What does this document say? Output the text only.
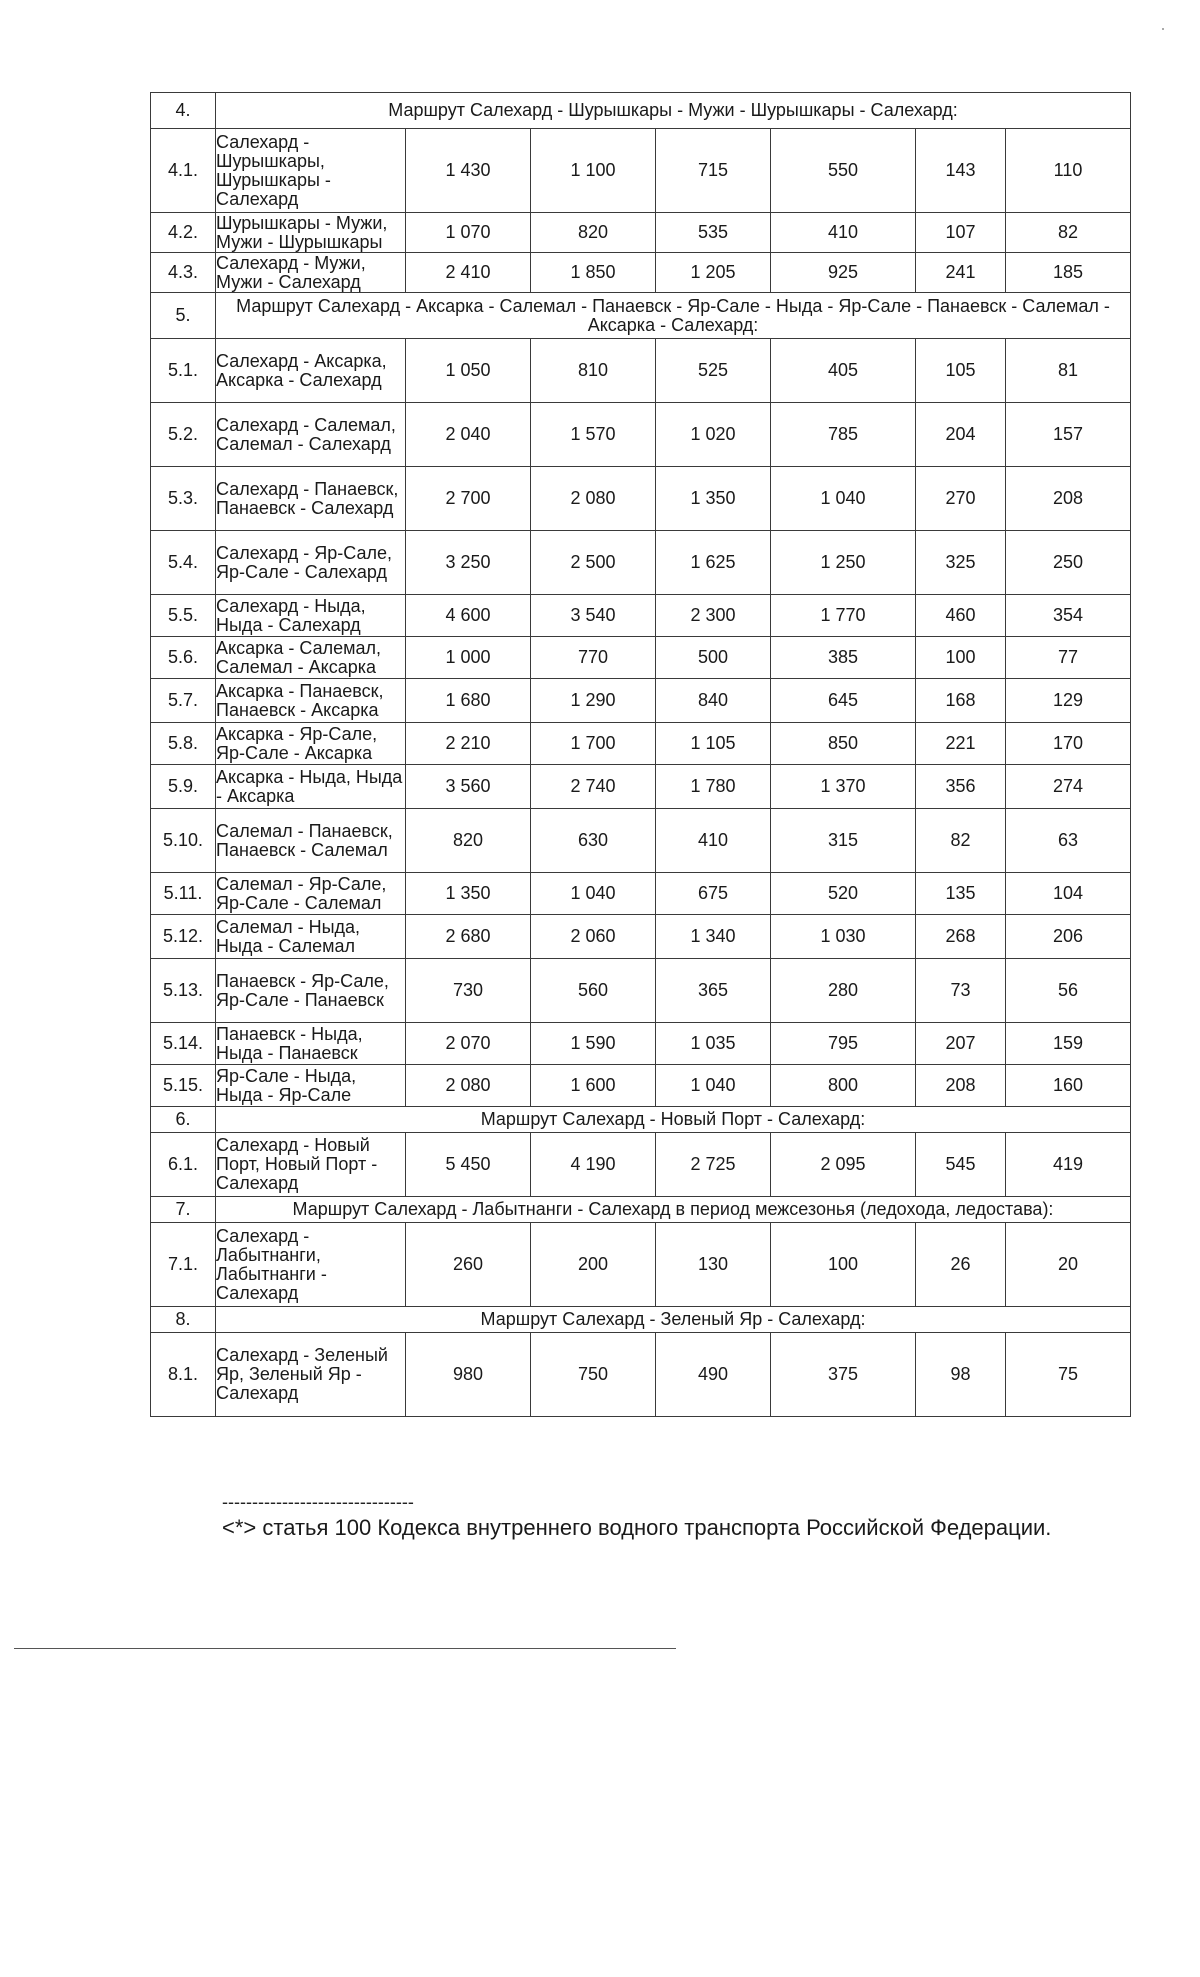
4.	Маршрут Салехард - Шурышкары - Мужи - Шурышкары - Салехард:						
4.1.	Салехард - Шурышкары, Шурышкары - Салехард	1 430	1 100	715	550	143	110
4.2.	Шурышкары - Мужи, Мужи - Шурышкары	1 070	820	535	410	107	82
4.3.	Салехард - Мужи, Мужи - Салехард	2 410	1 850	1 205	925	241	185
5.	Маршрут Салехард - Аксарка - Салемал - Панаевск - Яр-Сале - Ныда - Яр-Сале - Панаевск - Салемал - Аксарка - Салехард:						
5.1.	Салехард - Аксарка, Аксарка - Салехард	1 050	810	525	405	105	81
5.2.	Салехард - Салемал, Салемал - Салехард	2 040	1 570	1 020	785	204	157
5.3.	Салехард - Панаевск, Панаевск - Салехард	2 700	2 080	1 350	1 040	270	208
5.4.	Салехард - Яр-Сале, Яр-Сале - Салехард	3 250	2 500	1 625	1 250	325	250
5.5.	Салехард - Ныда, Ныда - Салехард	4 600	3 540	2 300	1 770	460	354
5.6.	Аксарка - Салемал, Салемал - Аксарка	1 000	770	500	385	100	77
5.7.	Аксарка - Панаевск, Панаевск - Аксарка	1 680	1 290	840	645	168	129
5.8.	Аксарка - Яр-Сале, Яр-Сале - Аксарка	2 210	1 700	1 105	850	221	170
5.9.	Аксарка - Ныда, Ныда - Аксарка	3 560	2 740	1 780	1 370	356	274
5.10.	Салемал - Панаевск, Панаевск - Салемал	820	630	410	315	82	63
5.11.	Салемал - Яр-Сале, Яр-Сале - Салемал	1 350	1 040	675	520	135	104
5.12.	Салемал - Ныда, Ныда - Салемал	2 680	2 060	1 340	1 030	268	206
5.13.	Панаевск - Яр-Сале, Яр-Сале - Панаевск	730	560	365	280	73	56
5.14.	Панаевск - Ныда, Ныда - Панаевск	2 070	1 590	1 035	795	207	159
5.15.	Яр-Сале - Ныда, Ныда - Яр-Сале	2 080	1 600	1 040	800	208	160
6.	Маршрут Салехард - Новый Порт - Салехард:						
6.1.	Салехард - Новый Порт, Новый Порт - Салехард	5 450	4 190	2 725	2 095	545	419
7.	Маршрут Салехард - Лабытнанги - Салехард в период межсезонья (ледохода, ледостава):						
7.1.	Салехард - Лабытнанги, Лабытнанги - Салехард	260	200	130	100	26	20
8.	Маршрут Салехард - Зеленый Яр - Салехард:						
8.1.	Салехард - Зеленый Яр, Зеленый Яр - Салехард	980	750	490	375	98	75
--------------------------------
<*> статья 100 Кодекса внутреннего водного транспорта Российской Федерации.
